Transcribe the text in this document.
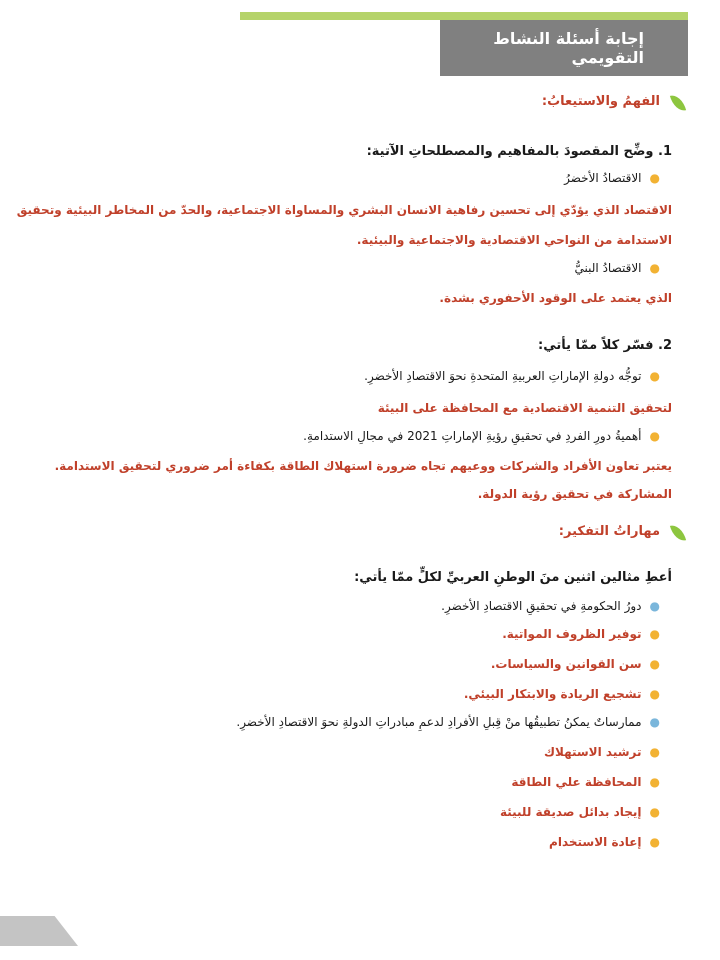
إجابة أسئلة النشاط التقويمي
الفهمُ والاستيعابُ:
1. وضِّح المقصودَ بالمفاهيم والمصطلحاتِ الآتية:
●الاقتصادُ الأخضرُ
الاقتصاد الذي يؤدّي إلى تحسين رفاهية الانسان البشري والمساواة الاجتماعية، والحدّ من المخاطر البيئية وتحقيق
الاستدامة من النواحي الاقتصادية والاجتماعية والبيئية.
●الاقتصادُ البنيُّ
الذي يعتمد على الوقود الأحفوري بشدة.
2. فسّر كلاً ممّا يأتي:
●توجُّه دولةِ الإماراتِ العربيةِ المتحدةِ نحوَ الاقتصادِ الأخضرِ.
لتحقيق التنمية الاقتصادية مع المحافظة على البيئة
●أهميةُ دورِ الفردِ في تحقيقِ رؤيةِ الإماراتِ 2021 في مجالِ الاستدامةِ.
يعتبر تعاون الأفراد والشركات ووعيهم تجاه ضرورة استهلاك الطاقة بكفاءة أمر ضروري لتحقيق الاستدامة.
المشاركة في تحقيق رؤية الدولة.
مهاراتُ التفكير:
أعطِ مثالين اثنين منَ الوطنِ العربيِّ لكلٍّ ممّا يأتي:
●دورُ الحكومةِ في تحقيقِ الاقتصادِ الأخضرِ.
●توفير الظروف المواتية.
●سن القوانين والسياسات.
●تشجيع الريادة والابتكار البيئي.
●ممارساتٌ يمكنُ تطبيقُها منْ قِبلِ الأفرادِ لدعمِ مبادراتِ الدولةِ نحوَ الاقتصادِ الأخضرِ.
●ترشيد الاستهلاك
●المحافظة علي الطاقة
●إيجاد بدائل صديقة للبيئة
●إعادة الاستخدام
